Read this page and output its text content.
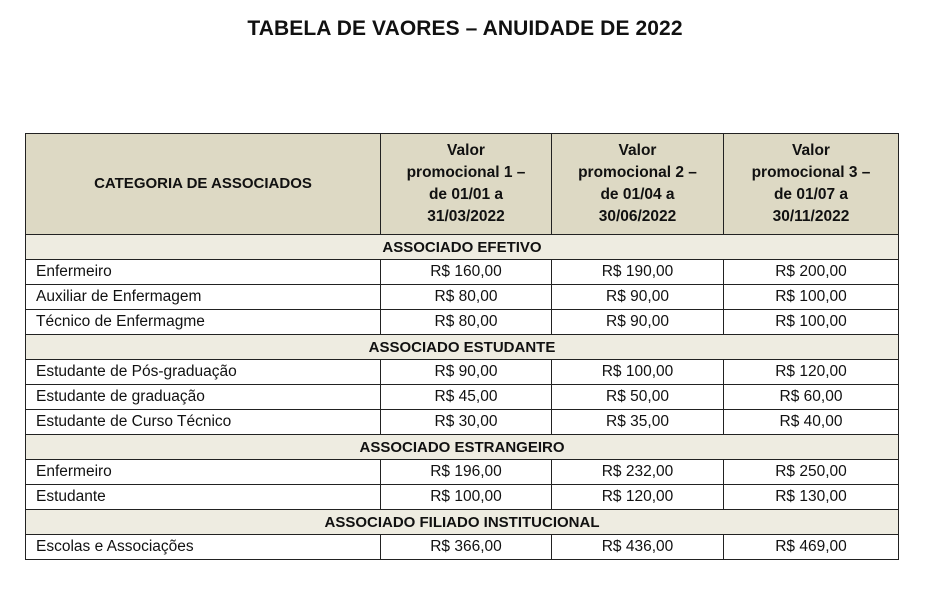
TABELA DE VAORES – ANUIDADE DE 2022
CATEGORIA DE ASSOCIADOS	Valor
promocional 1 –
de 01/01 a
31/03/2022	Valor
promocional 2 –
de 01/04 a
30/06/2022	Valor
promocional 3 –
de 01/07 a
30/11/2022

ASSOCIADO EFETIVO			
Enfermeiro	R$ 160,00	R$ 190,00	R$ 200,00
Auxiliar de Enfermagem	R$ 80,00	R$ 90,00	R$ 100,00
Técnico de Enfermagme	R$ 80,00	R$ 90,00	R$ 100,00
ASSOCIADO ESTUDANTE			
Estudante de Pós-graduação	R$ 90,00	R$ 100,00	R$ 120,00
Estudante de graduação	R$ 45,00	R$ 50,00	R$ 60,00
Estudante de Curso Técnico	R$ 30,00	R$ 35,00	R$ 40,00
ASSOCIADO ESTRANGEIRO			
Enfermeiro	R$ 196,00	R$ 232,00	R$ 250,00
Estudante	R$ 100,00	R$ 120,00	R$ 130,00
ASSOCIADO FILIADO INSTITUCIONAL			
Escolas e Associações	R$ 366,00	R$ 436,00	R$ 469,00
